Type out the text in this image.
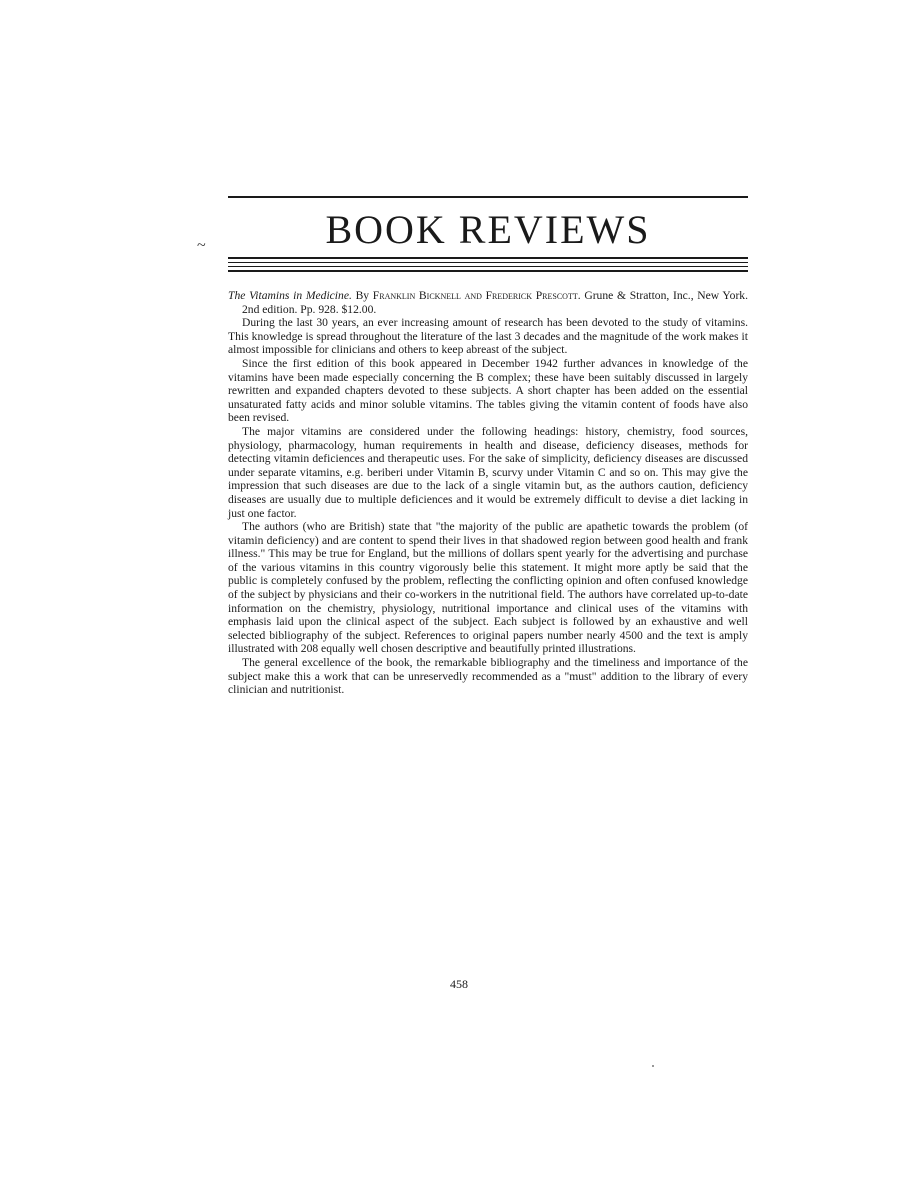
BOOK REVIEWS
~

The Vitamins in Medicine. By Franklin Bicknell and Frederick Prescott. Grune & Stratton, Inc., New York. 2nd edition. Pp. 928. $12.00.

During the last 30 years, an ever increasing amount of research has been devoted to the study of vitamins. This knowledge is spread throughout the literature of the last 3 decades and the magnitude of the work makes it almost impossible for clinicians and others to keep abreast of the subject.

Since the first edition of this book appeared in December 1942 further advances in knowledge of the vitamins have been made especially concerning the B complex; these have been suitably discussed in largely rewritten and expanded chapters devoted to these subjects. A short chapter has been added on the essential unsaturated fatty acids and minor soluble vitamins. The tables giving the vitamin content of foods have also been revised.

The major vitamins are considered under the following headings: history, chemistry, food sources, physiology, pharmacology, human requirements in health and disease, deficiency diseases, methods for detecting vitamin deficiences and therapeutic uses. For the sake of simplicity, deficiency diseases are discussed under separate vitamins, e.g. beriberi under Vitamin B, scurvy under Vitamin C and so on. This may give the impression that such diseases are due to the lack of a single vitamin but, as the authors caution, deficiency diseases are usually due to multiple deficiences and it would be extremely difficult to devise a diet lacking in just one factor.

The authors (who are British) state that "the majority of the public are apathetic towards the problem (of vitamin deficiency) and are content to spend their lives in that shadowed region between good health and frank illness." This may be true for England, but the millions of dollars spent yearly for the advertising and purchase of the various vitamins in this country vigorously belie this statement. It might more aptly be said that the public is completely confused by the problem, reflecting the conflicting opinion and often confused knowledge of the subject by physicians and their co-workers in the nutritional field. The authors have correlated up-to-date information on the chemistry, physiology, nutritional importance and clinical uses of the vitamins with emphasis laid upon the clinical aspect of the subject. Each subject is followed by an exhaustive and well selected bibliography of the subject. References to original papers number nearly 4500 and the text is amply illustrated with 208 equally well chosen descriptive and beautifully printed illustrations.

The general excellence of the book, the remarkable bibliography and the timeliness and importance of the subject make this a work that can be unreservedly recommended as a "must" addition to the library of every clinician and nutritionist.

458
